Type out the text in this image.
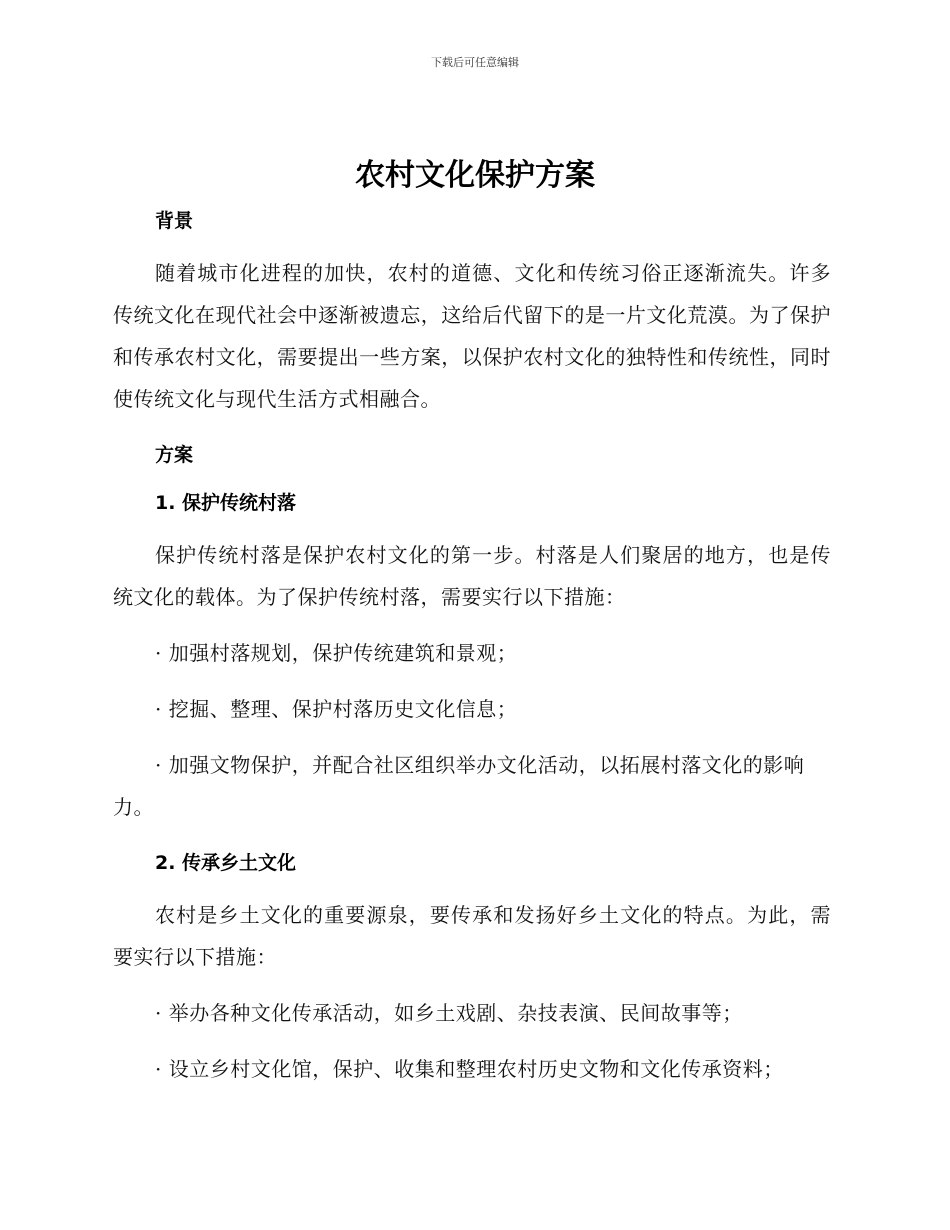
下载后可任意编辑
农村文化保护方案

背景

随着城市化进程的加快，农村的道德、文化和传统习俗正逐渐流失。许多传统文化在现代社会中逐渐被遗忘，这给后代留下的是一片文化荒漠。为了保护和传承农村文化，需要提出一些方案，以保护农村文化的独特性和传统性，同时使传统文化与现代生活方式相融合。

方案

1. 保护传统村落

保护传统村落是保护农村文化的第一步。村落是人们聚居的地方，也是传统文化的载体。为了保护传统村落，需要实行以下措施：

· 加强村落规划，保护传统建筑和景观；

· 挖掘、整理、保护村落历史文化信息；

· 加强文物保护，并配合社区组织举办文化活动，以拓展村落文化的影响力。

2. 传承乡土文化

农村是乡土文化的重要源泉，要传承和发扬好乡土文化的特点。为此，需要实行以下措施：

· 举办各种文化传承活动，如乡土戏剧、杂技表演、民间故事等；

· 设立乡村文化馆，保护、收集和整理农村历史文物和文化传承资料；
